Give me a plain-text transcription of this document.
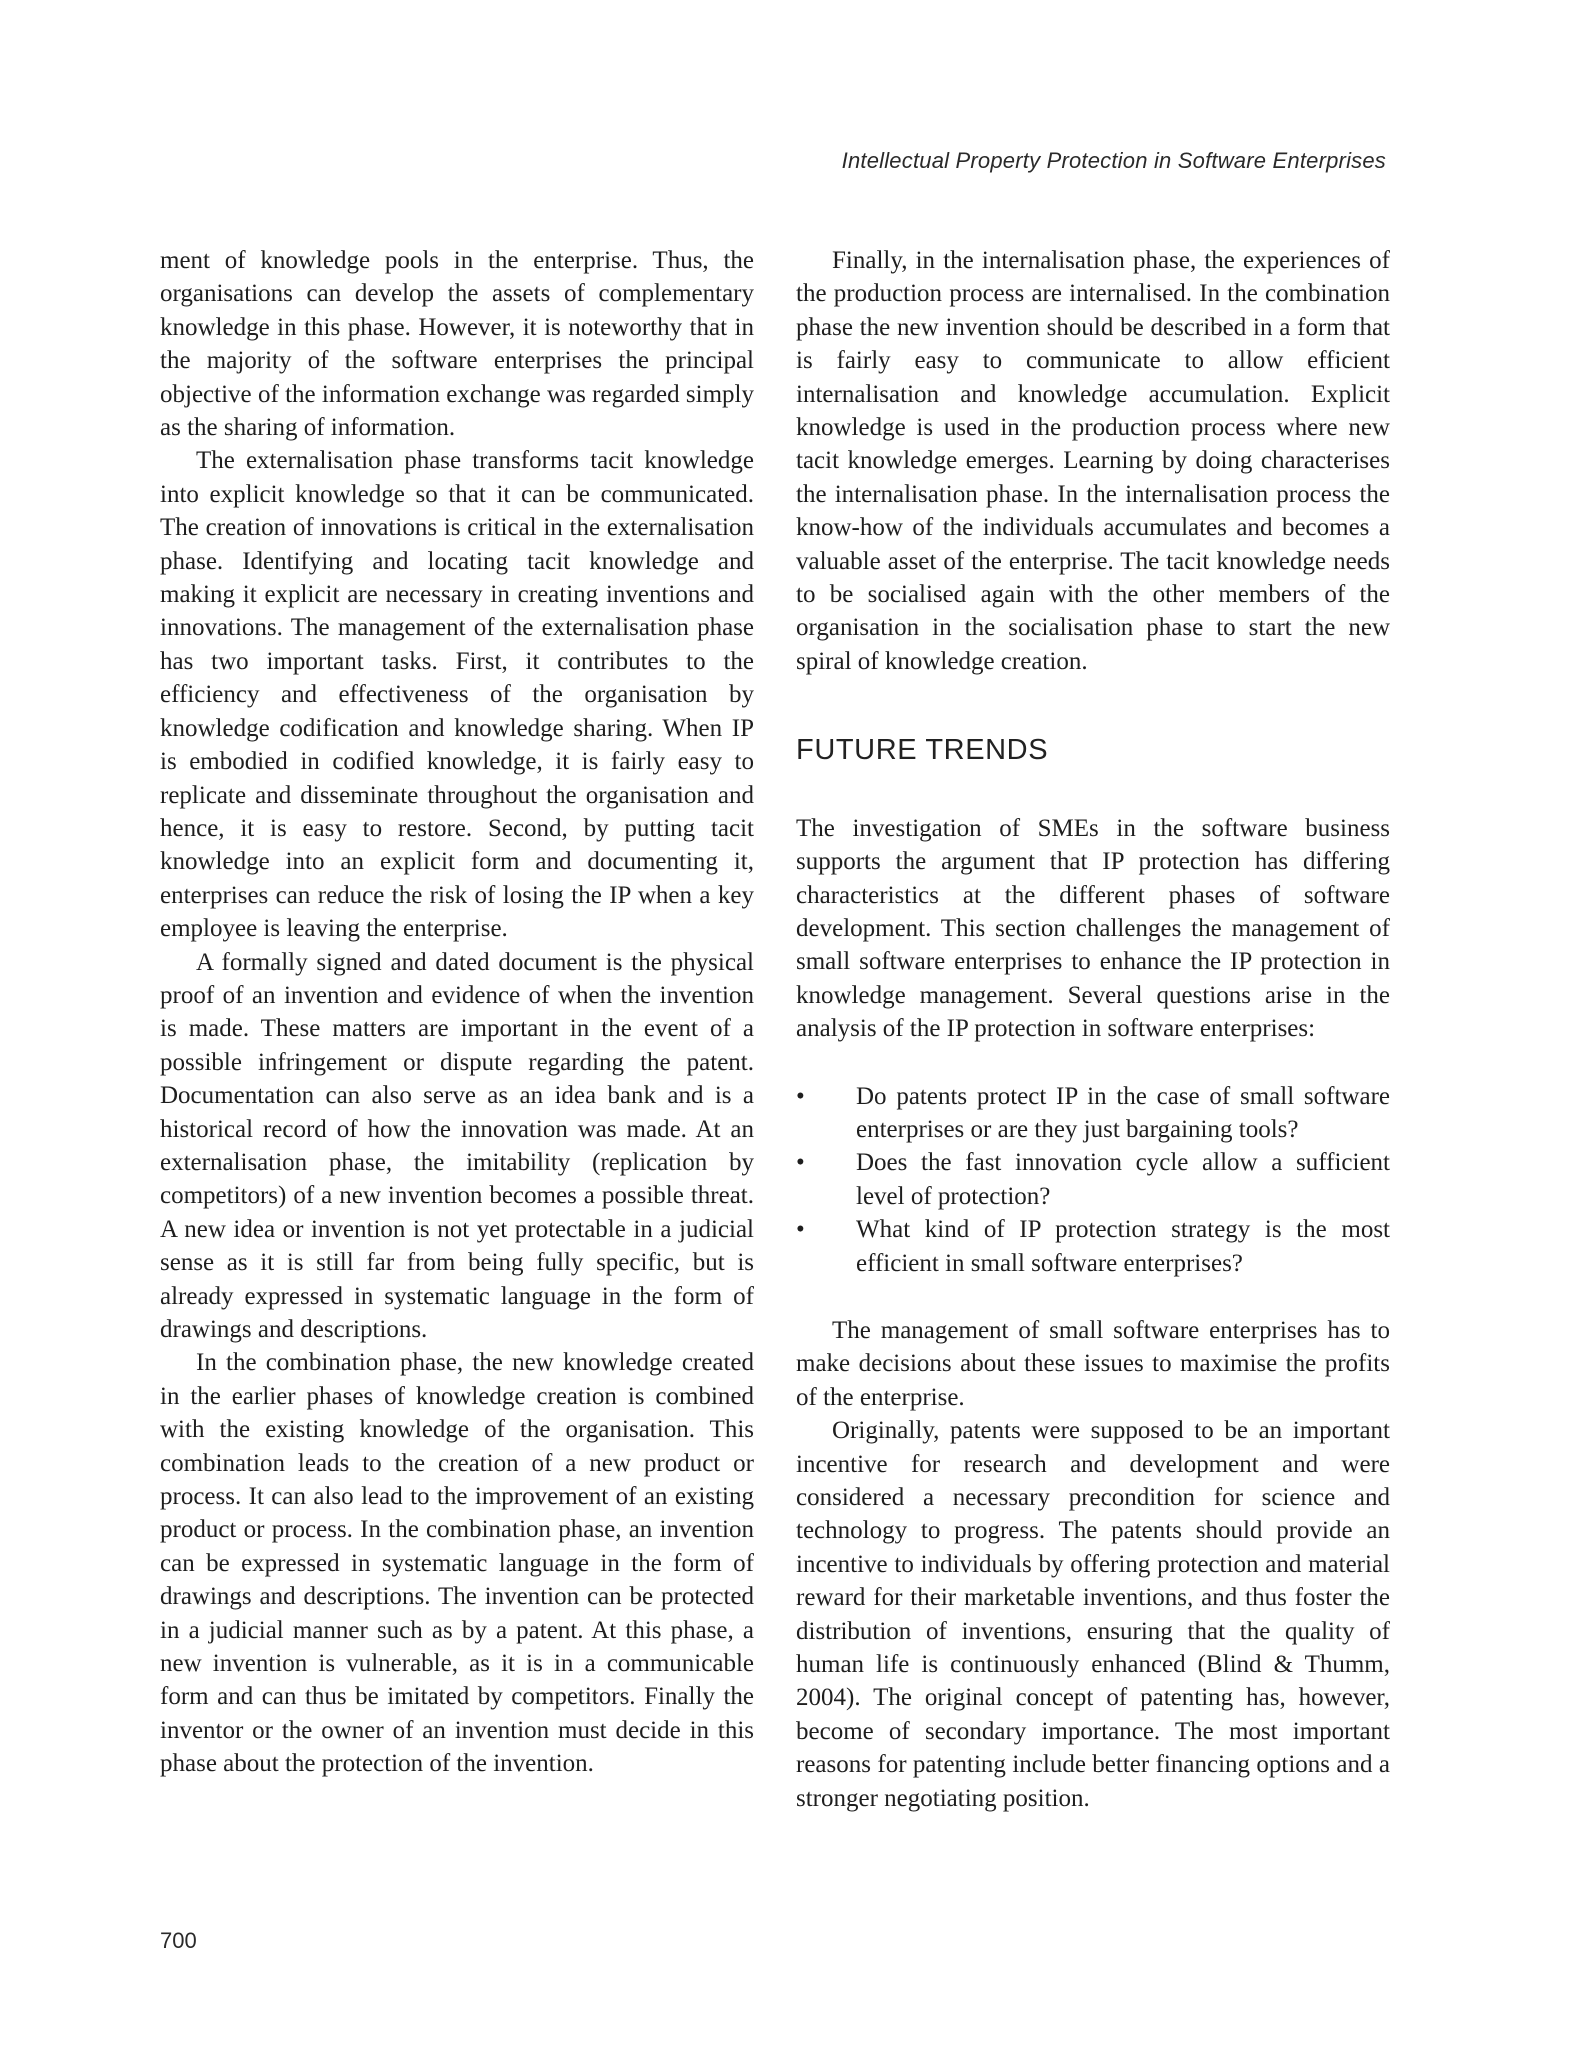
Intellectual Property Protection in Software Enterprises

ment of knowledge pools in the enterprise. Thus, the organisations can develop the assets of complementary knowledge in this phase. However, it is noteworthy that in the majority of the software enterprises the principal objective of the information exchange was regarded simply as the sharing of information.

The externalisation phase transforms tacit knowledge into explicit knowledge so that it can be communicated. The creation of innovations is critical in the externalisation phase. Identifying and locating tacit knowledge and making it explicit are necessary in creating inventions and innovations. The management of the externalisation phase has two important tasks. First, it contributes to the efficiency and effectiveness of the organisation by knowledge codification and knowledge sharing. When IP is embodied in codified knowledge, it is fairly easy to replicate and disseminate throughout the organisation and hence, it is easy to restore. Second, by putting tacit knowledge into an explicit form and documenting it, enterprises can reduce the risk of losing the IP when a key employee is leaving the enterprise.

A formally signed and dated document is the physical proof of an invention and evidence of when the invention is made. These matters are important in the event of a possible infringement or dispute regarding the patent. Documentation can also serve as an idea bank and is a historical record of how the innovation was made. At an externalisation phase, the imitability (replication by competitors) of a new invention becomes a possible threat. A new idea or invention is not yet protectable in a judicial sense as it is still far from being fully specific, but is already expressed in systematic language in the form of drawings and descriptions.

In the combination phase, the new knowledge created in the earlier phases of knowledge creation is combined with the existing knowledge of the organisation. This combination leads to the creation of a new product or process. It can also lead to the improvement of an existing product or process. In the combination phase, an invention can be expressed in systematic language in the form of drawings and descriptions. The invention can be protected in a judicial manner such as by a patent. At this phase, a new invention is vulnerable, as it is in a communicable form and can thus be imitated by competitors. Finally the inventor or the owner of an invention must decide in this phase about the protection of the invention.

Finally, in the internalisation phase, the experiences of the production process are internalised. In the combination phase the new invention should be described in a form that is fairly easy to communicate to allow efficient internalisation and knowledge accumulation. Explicit knowledge is used in the production process where new tacit knowledge emerges. Learning by doing characterises the internalisation phase. In the internalisation process the know-how of the individuals accumulates and becomes a valuable asset of the enterprise. The tacit knowledge needs to be socialised again with the other members of the organisation in the socialisation phase to start the new spiral of knowledge creation.

FUTURE TRENDS

The investigation of SMEs in the software business supports the argument that IP protection has differing characteristics at the different phases of software development. This section challenges the management of small software enterprises to enhance the IP protection in knowledge management. Several questions arise in the analysis of the IP protection in software enterprises:

• Do patents protect IP in the case of small software enterprises or are they just bargaining tools?
• Does the fast innovation cycle allow a sufficient level of protection?
• What kind of IP protection strategy is the most efficient in small software enterprises?

The management of small software enterprises has to make decisions about these issues to maximise the profits of the enterprise.

Originally, patents were supposed to be an important incentive for research and development and were considered a necessary precondition for science and technology to progress. The patents should provide an incentive to individuals by offering protection and material reward for their marketable inventions, and thus foster the distribution of inventions, ensuring that the quality of human life is continuously enhanced (Blind & Thumm, 2004). The original concept of patenting has, however, become of secondary importance. The most important reasons for patenting include better financing options and a stronger negotiating position.

700
